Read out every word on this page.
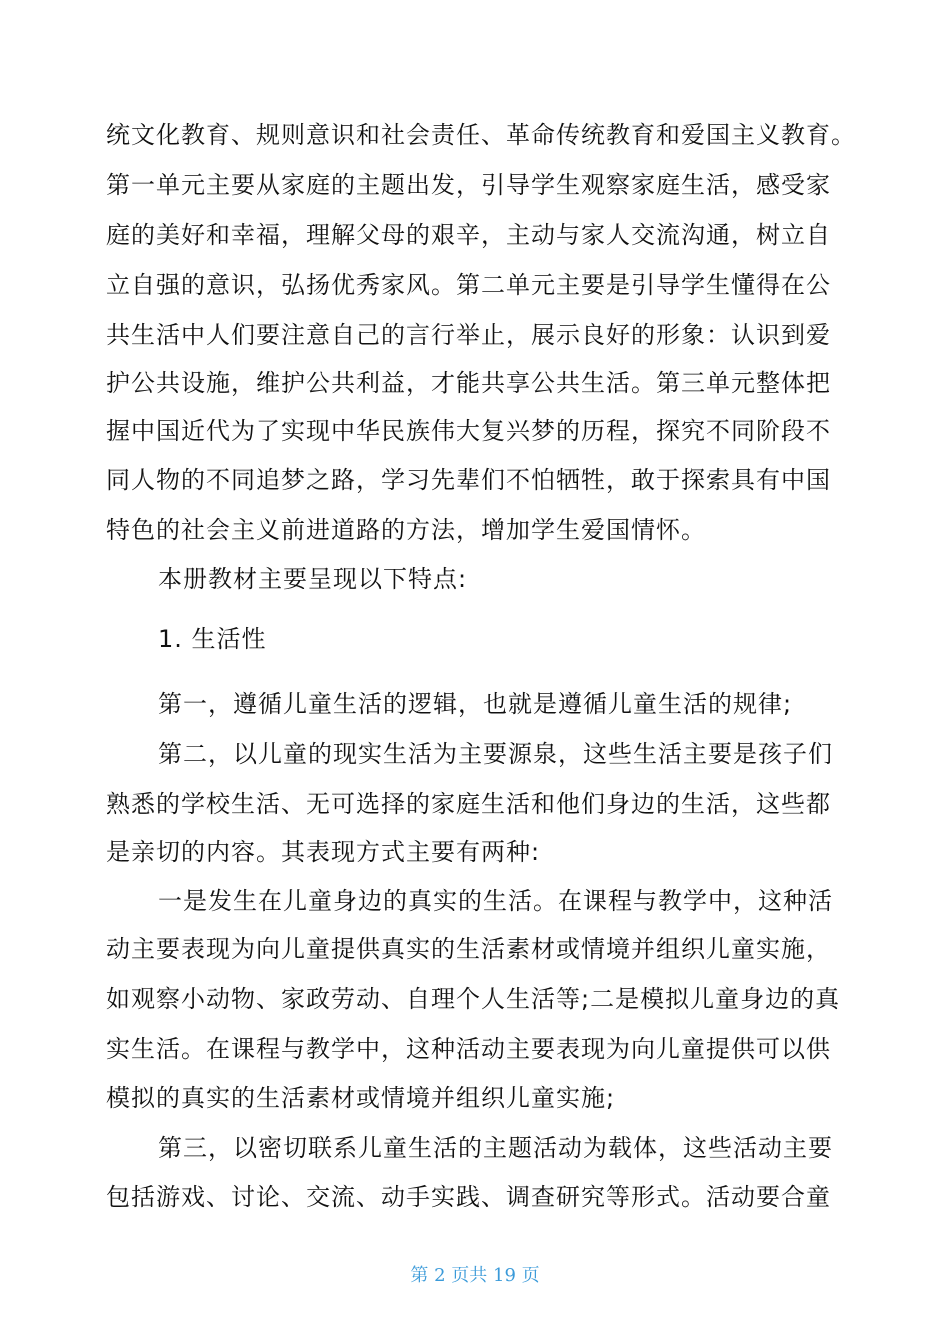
统文化教育、规则意识和社会责任、革命传统教育和爱国主义教育。
第一单元主要从家庭的主题出发，引导学生观察家庭生活，感受家
庭的美好和幸福，理解父母的艰辛，主动与家人交流沟通，树立自
立自强的意识，弘扬优秀家风。第二单元主要是引导学生懂得在公
共生活中人们要注意自己的言行举止，展示良好的形象：认识到爱
护公共设施，维护公共利益，才能共享公共生活。第三单元整体把
握中国近代为了实现中华民族伟大复兴梦的历程，探究不同阶段不
同人物的不同追梦之路，学习先辈们不怕牺牲，敢于探索具有中国
特色的社会主义前进道路的方法，增加学生爱国情怀。
本册教材主要呈现以下特点:
1. 生活性
第一，遵循儿童生活的逻辑，也就是遵循儿童生活的规律;
第二，以儿童的现实生活为主要源泉，这些生活主要是孩子们
熟悉的学校生活、无可选择的家庭生活和他们身边的生活，这些都
是亲切的内容。其表现方式主要有两种:
一是发生在儿童身边的真实的生活。在课程与教学中，这种活
动主要表现为向儿童提供真实的生活素材或情境并组织儿童实施，
如观察小动物、家政劳动、自理个人生活等;二是模拟儿童身边的真
实生活。在课程与教学中，这种活动主要表现为向儿童提供可以供
模拟的真实的生活素材或情境并组织儿童实施;
第三，以密切联系儿童生活的主题活动为载体，这些活动主要
包括游戏、讨论、交流、动手实践、调查研究等形式。活动要合童
第 2 页共 19 页
